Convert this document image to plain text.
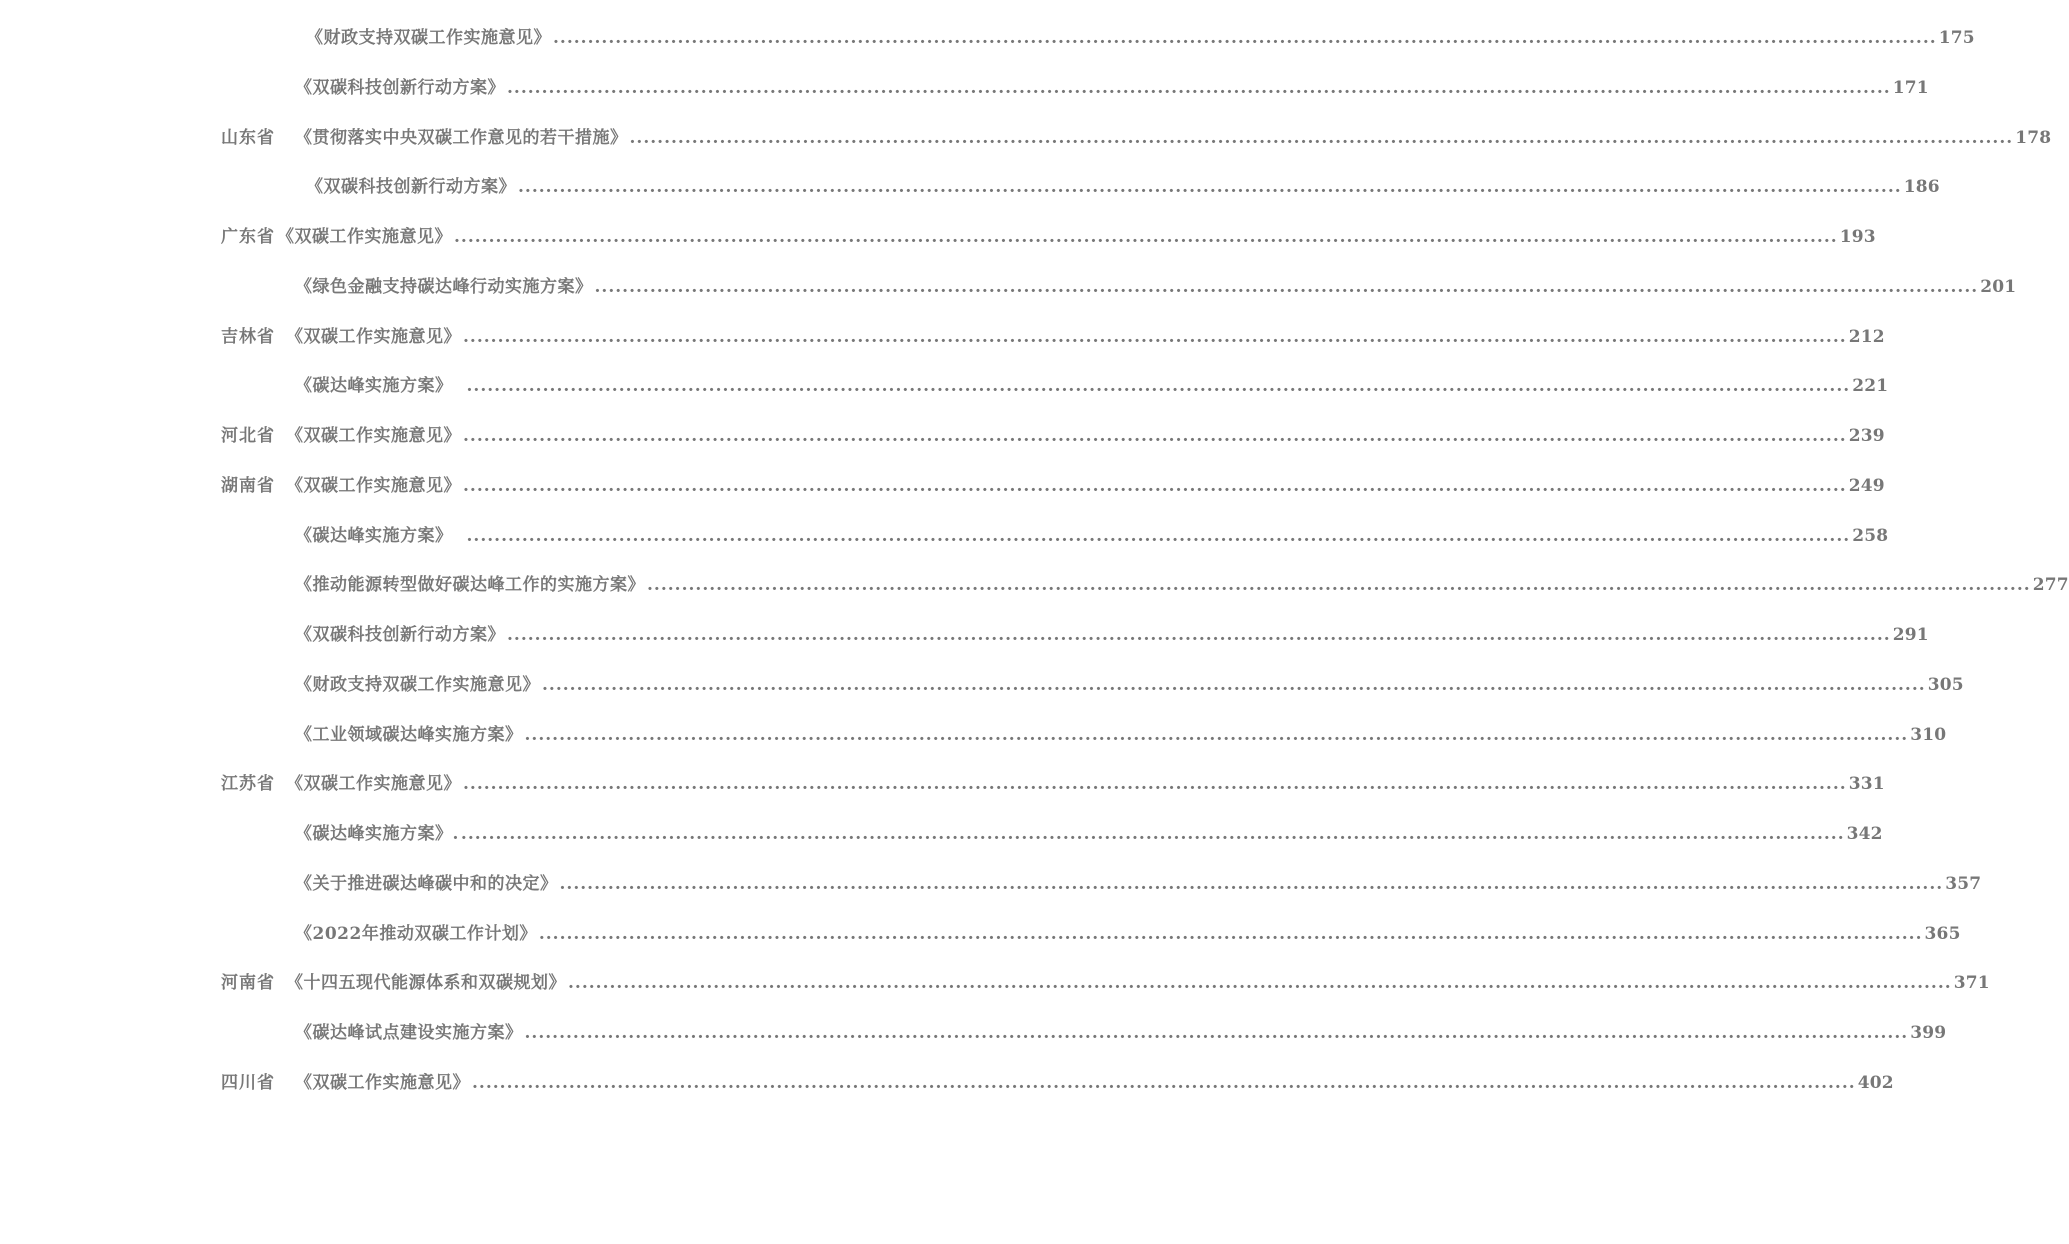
《财政支持双碳工作实施意见》 ........................................................................................................................................................................................................ 175
《双碳科技创新行动方案》 ........................................................................................................................................................................................................ 171
山东省 《贯彻落实中央双碳工作意见的若干措施》 ........................................................................................................................................................................................................ 178
《双碳科技创新行动方案》 ........................................................................................................................................................................................................ 186
广东省 《双碳工作实施意见》 ........................................................................................................................................................................................................ 193
《绿色金融支持碳达峰行动实施方案》 ........................................................................................................................................................................................................ 201
吉林省 《双碳工作实施意见》 ........................................................................................................................................................................................................ 212
《碳达峰实施方案》 ........................................................................................................................................................................................................ 221
河北省 《双碳工作实施意见》 ........................................................................................................................................................................................................ 239
湖南省 《双碳工作实施意见》 ........................................................................................................................................................................................................ 249
《碳达峰实施方案》 ........................................................................................................................................................................................................ 258
《推动能源转型做好碳达峰工作的实施方案》 ........................................................................................................................................................................................................ 277
《双碳科技创新行动方案》 ........................................................................................................................................................................................................ 291
《财政支持双碳工作实施意见》 ........................................................................................................................................................................................................ 305
《工业领域碳达峰实施方案》 ........................................................................................................................................................................................................ 310
江苏省 《双碳工作实施意见》 ........................................................................................................................................................................................................ 331
《碳达峰实施方案》. ........................................................................................................................................................................................................ 342
《关于推进碳达峰碳中和的决定》 ........................................................................................................................................................................................................ 357
《2022年推动双碳工作计划》 ........................................................................................................................................................................................................ 365
河南省 《十四五现代能源体系和双碳规划》 ........................................................................................................................................................................................................ 371
《碳达峰试点建设实施方案》 ........................................................................................................................................................................................................ 399
四川省 《双碳工作实施意见》 ........................................................................................................................................................................................................ 402
